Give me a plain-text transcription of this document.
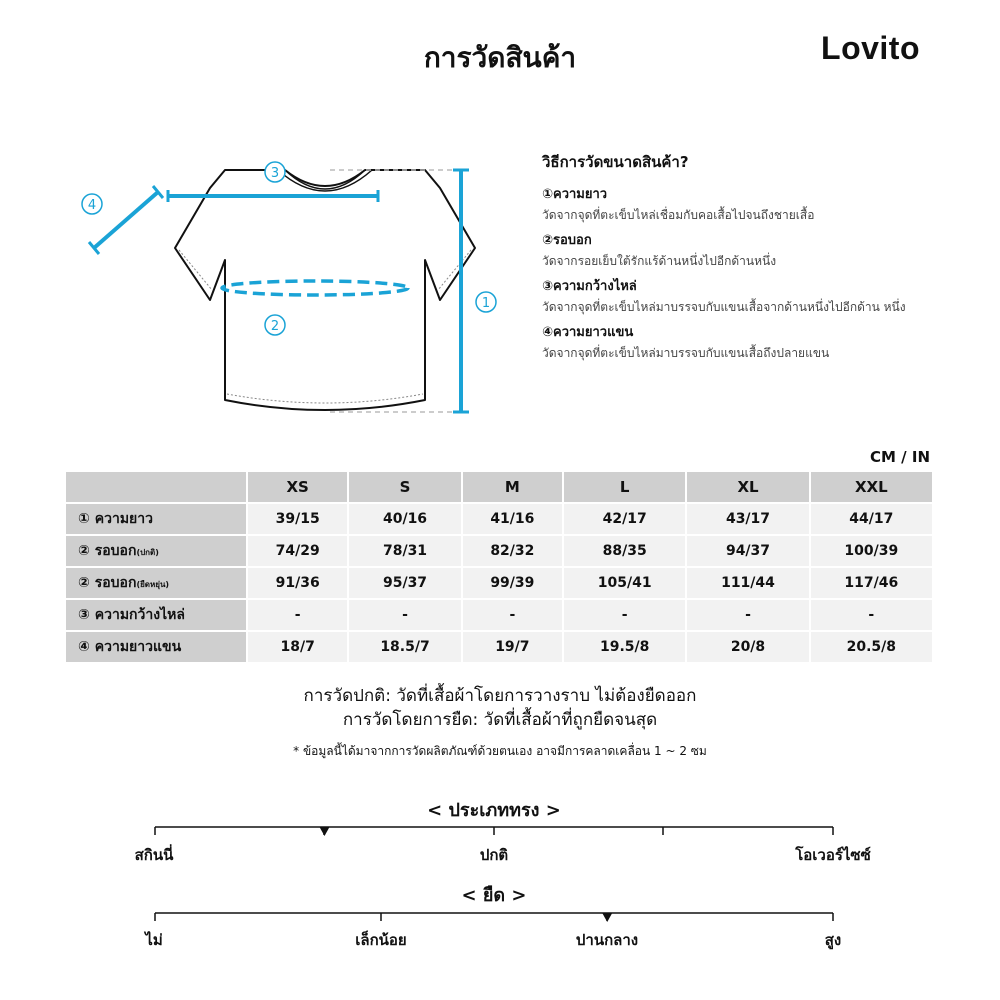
การวัดสินค้า	Lovito
1
2
3
4
วิธีการวัดขนาดสินค้า?
①ความยาว
วัดจากจุดที่ตะเข็บไหล่เชื่อมกับคอเสื้อไปจนถึงชายเสื้อ
②รอบอก
วัดจากรอยเย็บใต้รักแร้ด้านหนึ่งไปอีกด้านหนึ่ง
③ความกว้างไหล่
วัดจากจุดที่ตะเข็บไหล่มาบรรจบกับแขนเสื้อจากด้านหนึ่งไปอีกด้าน หนึ่ง
④ความยาวแขน
วัดจากจุดที่ตะเข็บไหล่มาบรรจบกับแขนเสื้อถึงปลายแขน
CM / IN
	XS	S	M	L	XL	XXL
① ความยาว	39/15	40/16	41/16	42/17	43/17	44/17
② รอบอก(ปกติ)	74/29	78/31	82/32	88/35	94/37	100/39
② รอบอก(ยืดหยุ่น)	91/36	95/37	99/39	105/41	111/44	117/46
③ ความกว้างไหล่	-	-	-	-	-	-
④ ความยาวแขน	18/7	18.5/7	19/7	19.5/8	20/8	20.5/8
การวัดปกติ: วัดที่เสื้อผ้าโดยการวางราบ ไม่ต้องยืดออก
การวัดโดยการยืด: วัดที่เสื้อผ้าที่ถูกยืดจนสุด
* ข้อมูลนี้ได้มาจากการวัดผลิตภัณฑ์ด้วยตนเอง อาจมีการคลาดเคลื่อน 1 ~ 2 ซม
< ประเภททรง >
สกินนี่	ปกติ	โอเวอร์ไซซ์
< ยืด >
ไม่	เล็กน้อย	ปานกลาง	สูง
